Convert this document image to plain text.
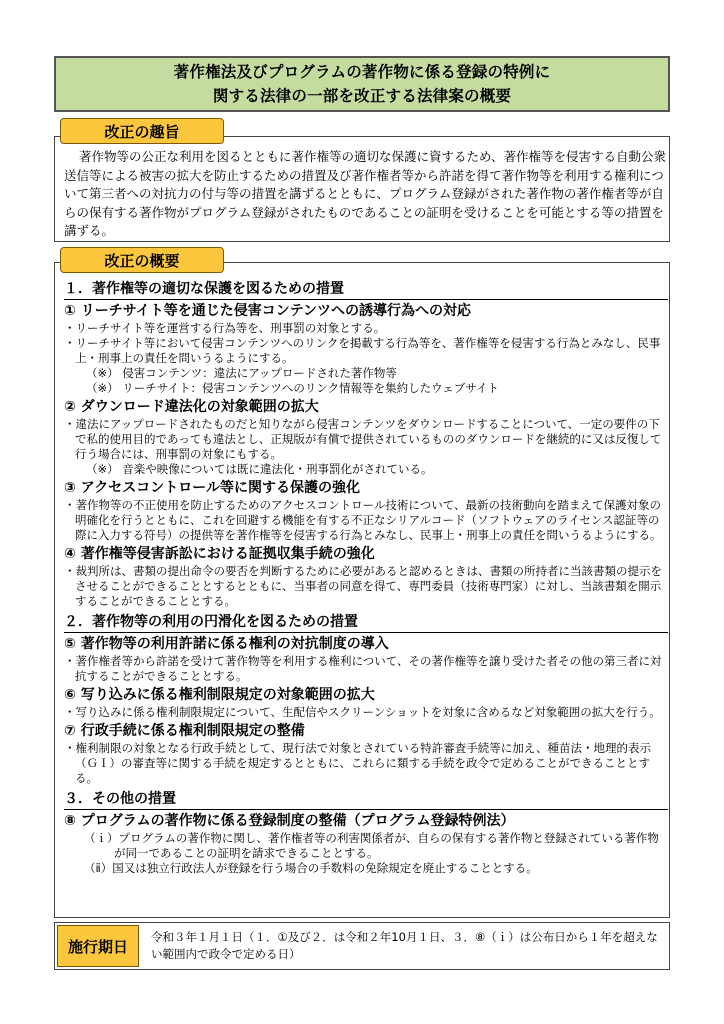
著作権法及びプログラムの著作物に係る登録の特例に
関する法律の一部を改正する法律案の概要
改正の趣旨

著作物等の公正な利用を図るとともに著作権等の適切な保護に資するため、著作権等を侵害する自動公衆送信等による被害の拡大を防止するための措置及び著作権者等から許諾を得て著作物等を利用する権利について第三者への対抗力の付与等の措置を講ずるとともに、プログラム登録がされた著作物の著作権者等が自らの保有する著作物がプログラム登録がされたものであることの証明を受けることを可能とする等の措置を講ずる。

改正の概要
１．著作権等の適切な保護を図るための措置
① リーチサイト等を通じた侵害コンテンツへの誘導行為への対応

・リーチサイト等を運営する行為等を、刑事罰の対象とする。

・リーチサイト等において侵害コンテンツへのリンクを掲載する行為等を、著作権等を侵害する行為とみなし、民事上・刑事上の責任を問いうるようにする。

（※） 侵害コンテンツ：違法にアップロードされた著作物等

（※） リーチサイト：侵害コンテンツへのリンク情報等を集約したウェブサイト

② ダウンロード違法化の対象範囲の拡大

・違法にアップロードされたものだと知りながら侵害コンテンツをダウンロードすることについて、一定の要件の下で私的使用目的であっても違法とし、正規版が有償で提供されているもののダウンロードを継続的に又は反復して行う場合には、刑事罰の対象にもする。

（※） 音楽や映像については既に違法化・刑事罰化がされている。

③ アクセスコントロール等に関する保護の強化

・著作物等の不正使用を防止するためのアクセスコントロール技術について、最新の技術動向を踏まえて保護対象の明確化を行うとともに、これを回避する機能を有する不正なシリアルコード（ソフトウェアのライセンス認証等の際に入力する符号）の提供等を著作権等を侵害する行為とみなし、民事上・刑事上の責任を問いうるようにする。

④ 著作権等侵害訴訟における証拠収集手続の強化

・裁判所は、書類の提出命令の要否を判断するために必要があると認めるときは、書類の所持者に当該書類の提示をさせることができることとするとともに、当事者の同意を得て、専門委員（技術専門家）に対し、当該書類を開示することができることとする。

２．著作物等の利用の円滑化を図るための措置
⑤ 著作物等の利用許諾に係る権利の対抗制度の導入

・著作権者等から許諾を受けて著作物等を利用する権利について、その著作権等を譲り受けた者その他の第三者に対抗することができることとする。

⑥ 写り込みに係る権利制限規定の対象範囲の拡大

・写り込みに係る権利制限規定について、生配信やスクリーンショットを対象に含めるなど対象範囲の拡大を行う。

⑦ 行政手続に係る権利制限規定の整備

・権利制限の対象となる行政手続として、現行法で対象とされている特許審査手続等に加え、種苗法・地理的表示（ＧＩ）の審査等に関する手続を規定するとともに、これらに類する手続を政令で定めることができることとする。

３．その他の措置
⑧ プログラムの著作物に係る登録制度の整備（プログラム登録特例法）

（ｉ）プログラムの著作物に関し、著作権者等の利害関係者が、自らの保有する著作物と登録されている著作物が同一であることの証明を請求できることとする。

（ⅱ）国又は独立行政法人が登録を行う場合の手数料の免除規定を廃止することとする。

施行期日
令和３年１月１日（１．①及び２．は令和２年10月１日、３．⑧（ｉ）は公布日から１年を超えない範囲内で政令で定める日）
